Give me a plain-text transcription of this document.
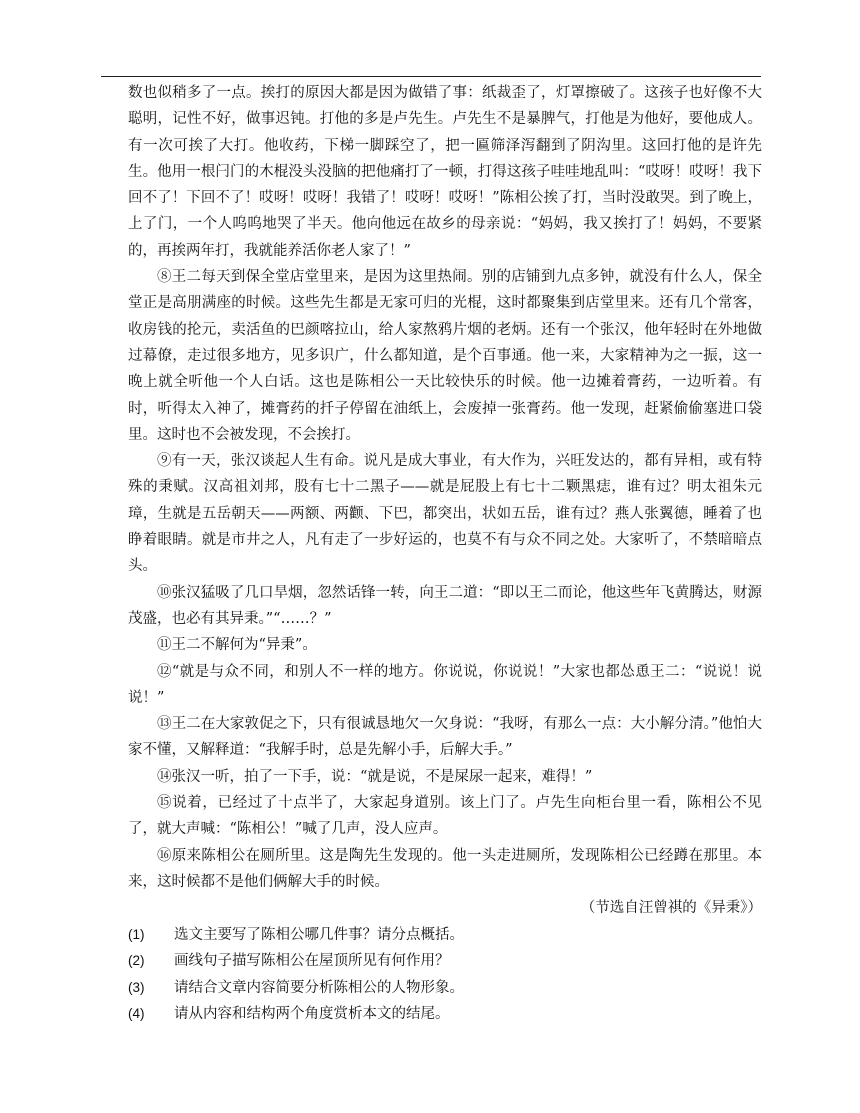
数也似稍多了一点。挨打的原因大都是因为做错了事：纸裁歪了，灯罩擦破了。这孩子也好像不大聪明，记性不好，做事迟钝。打他的多是卢先生。卢先生不是暴脾气，打他是为他好，要他成人。有一次可挨了大打。他收药，下梯一脚踩空了，把一匾筛泽泻翻到了阴沟里。这回打他的是许先生。他用一根闩门的木棍没头没脑的把他痛打了一顿，打得这孩子哇哇地乱叫：“哎呀！哎呀！我下回不了！下回不了！哎呀！哎呀！我错了！哎呀！哎呀！”陈相公挨了打，当时没敢哭。到了晚上，上了门，一个人呜呜地哭了半天。他向他远在故乡的母亲说：“妈妈，我又挨打了！妈妈，不要紧的，再挨两年打，我就能养活你老人家了！”

⑧王二每天到保全堂店堂里来，是因为这里热闹。别的店铺到九点多钟，就没有什么人，保全堂正是高朋满座的时候。这些先生都是无家可归的光棍，这时都聚集到店堂里来。还有几个常客，收房钱的抡元，卖活鱼的巴颜喀拉山，给人家熬鸦片烟的老炳。还有一个张汉，他年轻时在外地做过幕僚，走过很多地方，见多识广，什么都知道，是个百事通。他一来，大家精神为之一振，这一晚上就全听他一个人白话。这也是陈相公一天比较快乐的时候。他一边摊着膏药，一边听着。有时，听得太入神了，摊膏药的扦子停留在油纸上，会废掉一张膏药。他一发现，赶紧偷偷塞进口袋里。这时也不会被发现，不会挨打。

⑨有一天，张汉谈起人生有命。说凡是成大事业，有大作为，兴旺发达的，都有异相，或有特殊的秉赋。汉高祖刘邦，股有七十二黑子——就是屁股上有七十二颗黑痣，谁有过？明太祖朱元璋，生就是五岳朝天——两额、两颧、下巴，都突出，状如五岳，谁有过？燕人张翼德，睡着了也睁着眼睛。就是市井之人，凡有走了一步好运的，也莫不有与众不同之处。大家听了，不禁暗暗点头。

⑩张汉猛吸了几口旱烟，忽然话锋一转，向王二道：“即以王二而论，他这些年飞黄腾达，财源茂盛，也必有其异秉。”“……？”

⑪王二不解何为“异秉”。

⑫“就是与众不同，和别人不一样的地方。你说说，你说说！”大家也都怂恿王二：“说说！说说！”

⑬王二在大家敦促之下，只有很诚恳地欠一欠身说：“我呀，有那么一点：大小解分清。”他怕大家不懂，又解释道：“我解手时，总是先解小手，后解大手。”

⑭张汉一听，拍了一下手，说：“就是说，不是屎尿一起来，难得！”

⑮说着，已经过了十点半了，大家起身道别。该上门了。卢先生向柜台里一看，陈相公不见了，就大声喊：“陈相公！”喊了几声，没人应声。

⑯原来陈相公在厕所里。这是陶先生发现的。他一头走进厕所，发现陈相公已经蹲在那里。本来，这时候都不是他们俩解大手的时候。

（节选自汪曾祺的《异秉》）

(1)	选文主要写了陈相公哪几件事？请分点概括。
(2)	画线句子描写陈相公在屋顶所见有何作用？
(3)	请结合文章内容简要分析陈相公的人物形象。
(4)	请从内容和结构两个角度赏析本文的结尾。
